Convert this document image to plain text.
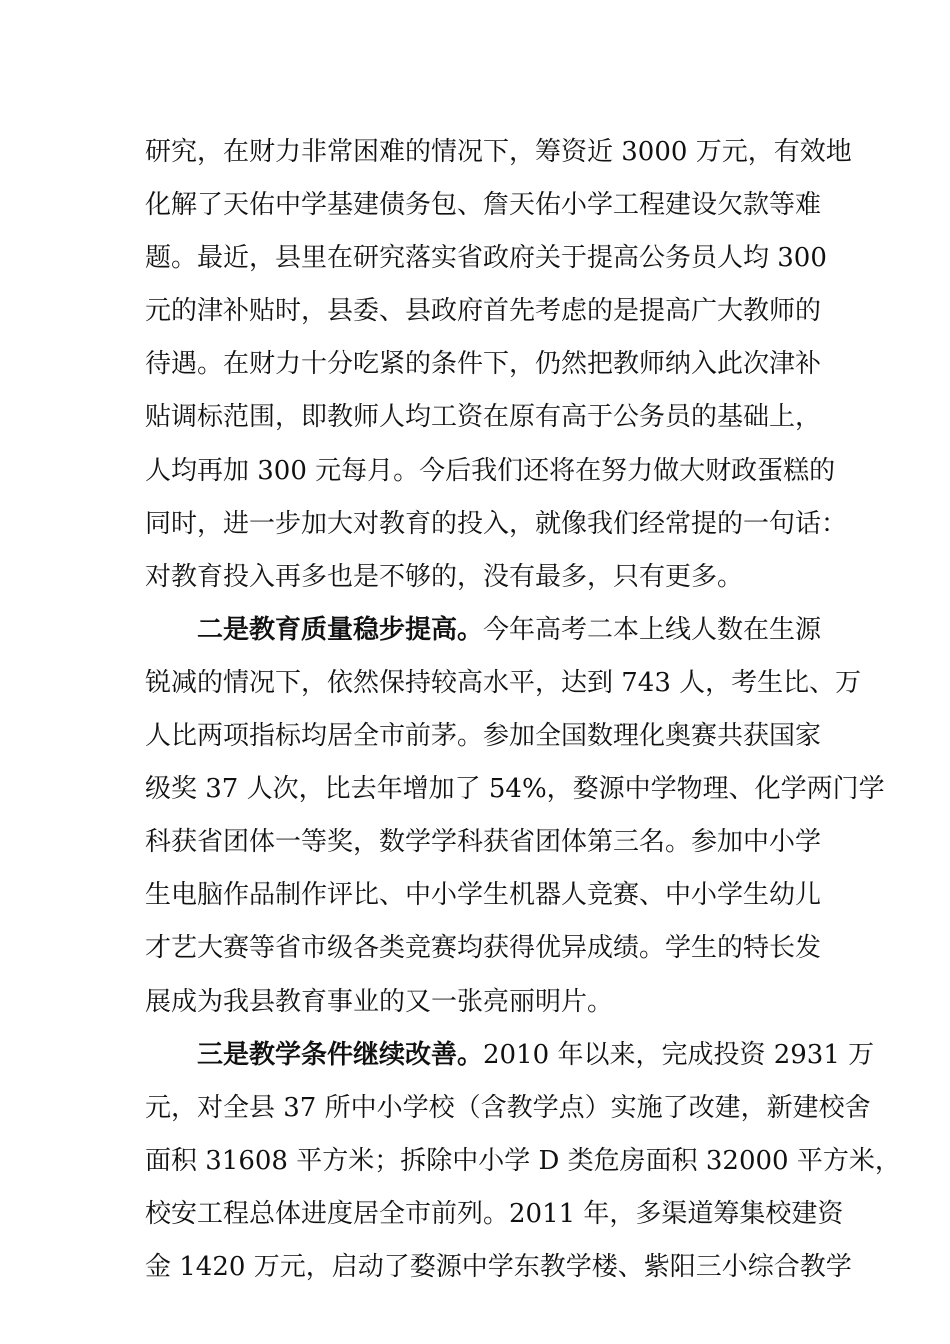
研究，在财力非常困难的情况下，筹资近 3000 万元，有效地
化解了天佑中学基建债务包、詹天佑小学工程建设欠款等难
题。最近，县里在研究落实省政府关于提高公务员人均 300
元的津补贴时，县委、县政府首先考虑的是提高广大教师的
待遇。在财力十分吃紧的条件下，仍然把教师纳入此次津补
贴调标范围，即教师人均工资在原有高于公务员的基础上，
人均再加 300 元每月。今后我们还将在努力做大财政蛋糕的
同时，进一步加大对教育的投入，就像我们经常提的一句话：
对教育投入再多也是不够的，没有最多，只有更多。
二是教育质量稳步提高。今年高考二本上线人数在生源
锐减的情况下，依然保持较高水平，达到 743 人，考生比、万
人比两项指标均居全市前茅。参加全国数理化奥赛共获国家
级奖 37 人次，比去年增加了 54%，婺源中学物理、化学两门学
科获省团体一等奖，数学学科获省团体第三名。参加中小学
生电脑作品制作评比、中小学生机器人竞赛、中小学生幼儿
才艺大赛等省市级各类竞赛均获得优异成绩。学生的特长发
展成为我县教育事业的又一张亮丽明片。
三是教学条件继续改善。2010 年以来，完成投资 2931 万
元，对全县 37 所中小学校（含教学点）实施了改建，新建校舍
面积 31608 平方米；拆除中小学 D 类危房面积 32000 平方米，
校安工程总体进度居全市前列。2011 年，多渠道筹集校建资
金 1420 万元，启动了婺源中学东教学楼、紫阳三小综合教学
